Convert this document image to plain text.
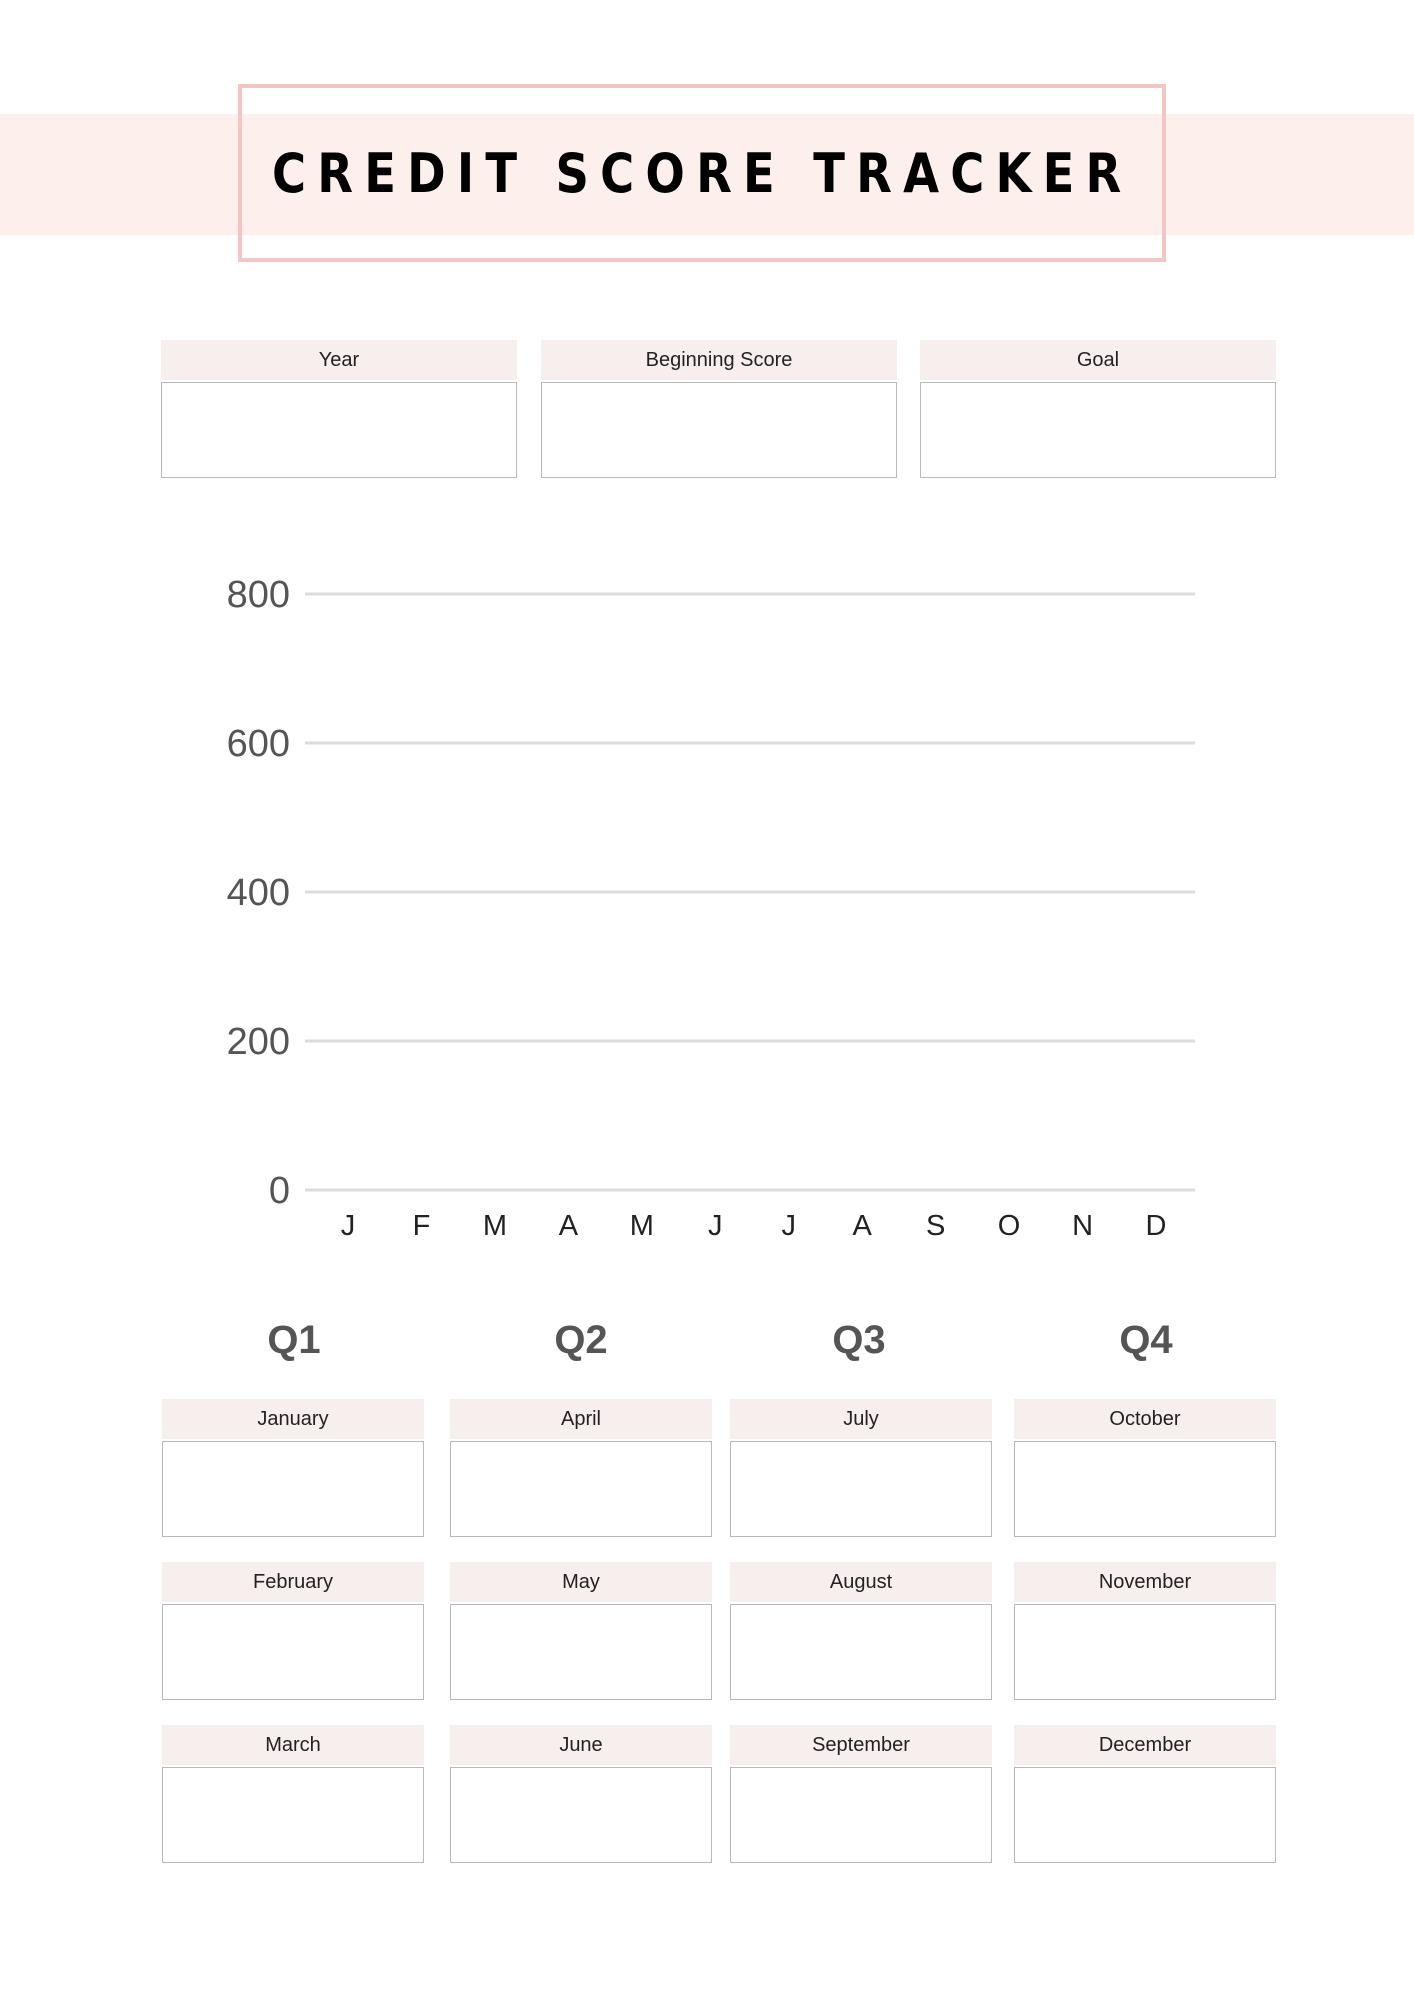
CREDIT SCORE TRACKER
Year	Beginning Score	Goal
0
200
400
600
800
J F M A M J J A S O N D
Q1	Q2	Q3	Q4
January
February
March
April
May
June
July
August
September
October
November
December
